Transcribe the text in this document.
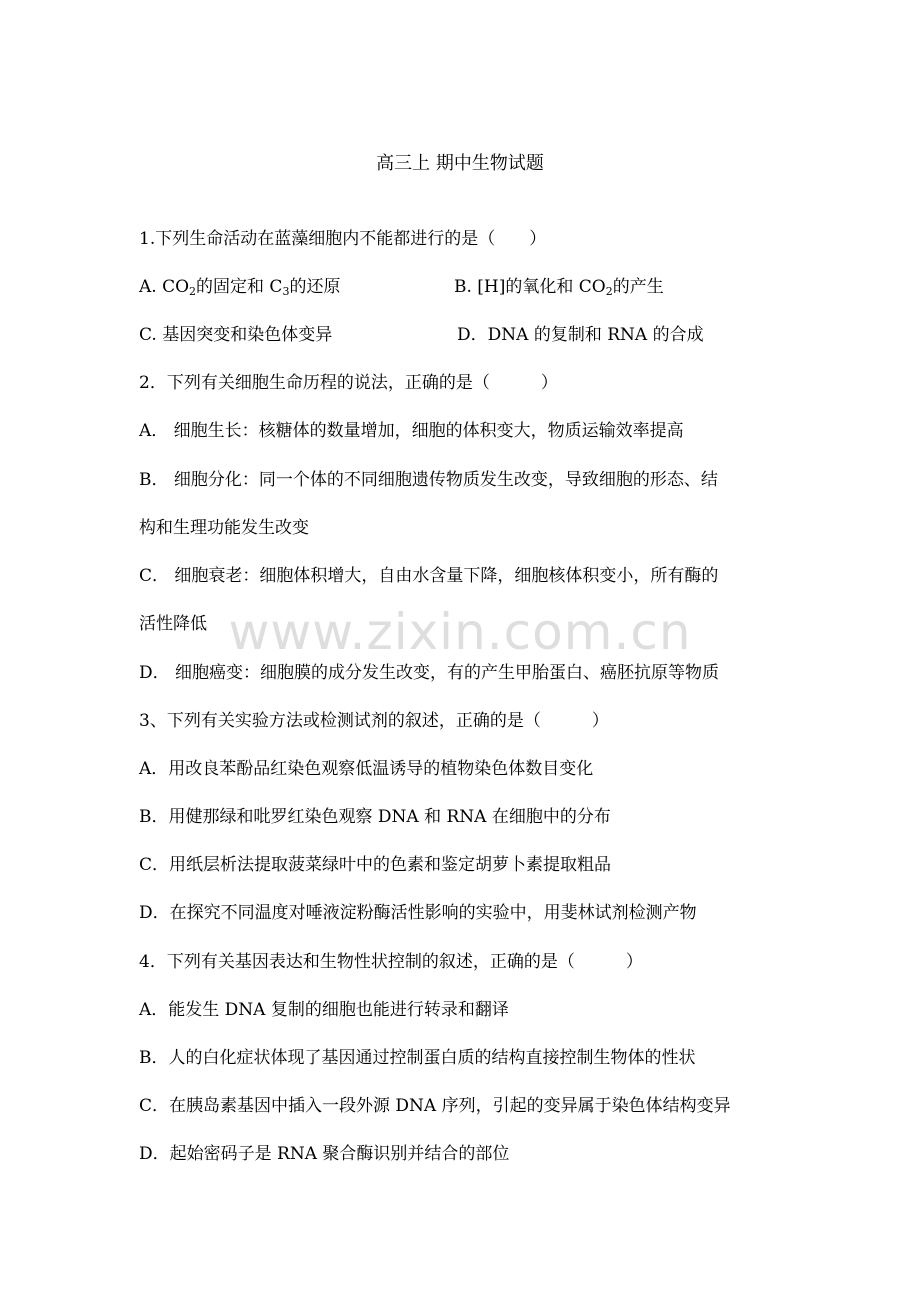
高三上 期中生物试题
www.zixin.com.cn
1.下列生命活动在蓝藻细胞内不能都进行的是（　　）
A. $CO_2$的固定和 $C_3$的还原	B. [H]的氧化和 $CO_2$的产生
C. 基因突变和染色体变异	D．DNA 的复制和 RNA 的合成
2．下列有关细胞生命历程的说法，正确的是（　　　）
A． 细胞生长：核糖体的数量增加，细胞的体积变大，物质运输效率提高
B． 细胞分化：同一个体的不同细胞遗传物质发生改变，导致细胞的形态、结
构和生理功能发生改变
C． 细胞衰老：细胞体积增大，自由水含量下降，细胞核体积变小，所有酶的
活性降低
D． 细胞癌变：细胞膜的成分发生改变，有的产生甲胎蛋白、癌胚抗原等物质
3、下列有关实验方法或检测试剂的叙述，正确的是（　　　）
A．用改良苯酚品红染色观察低温诱导的植物染色体数目变化
B．用健那绿和吡罗红染色观察 DNA 和 RNA 在细胞中的分布
C．用纸层析法提取菠菜绿叶中的色素和鉴定胡萝卜素提取粗品
D．在探究不同温度对唾液淀粉酶活性影响的实验中，用斐林试剂检测产物
4．下列有关基因表达和生物性状控制的叙述，正确的是（　　　）
A．能发生 DNA 复制的细胞也能进行转录和翻译
B．人的白化症状体现了基因通过控制蛋白质的结构直接控制生物体的性状
C．在胰岛素基因中插入一段外源 DNA 序列，引起的变异属于染色体结构变异
D．起始密码子是 RNA 聚合酶识别并结合的部位
